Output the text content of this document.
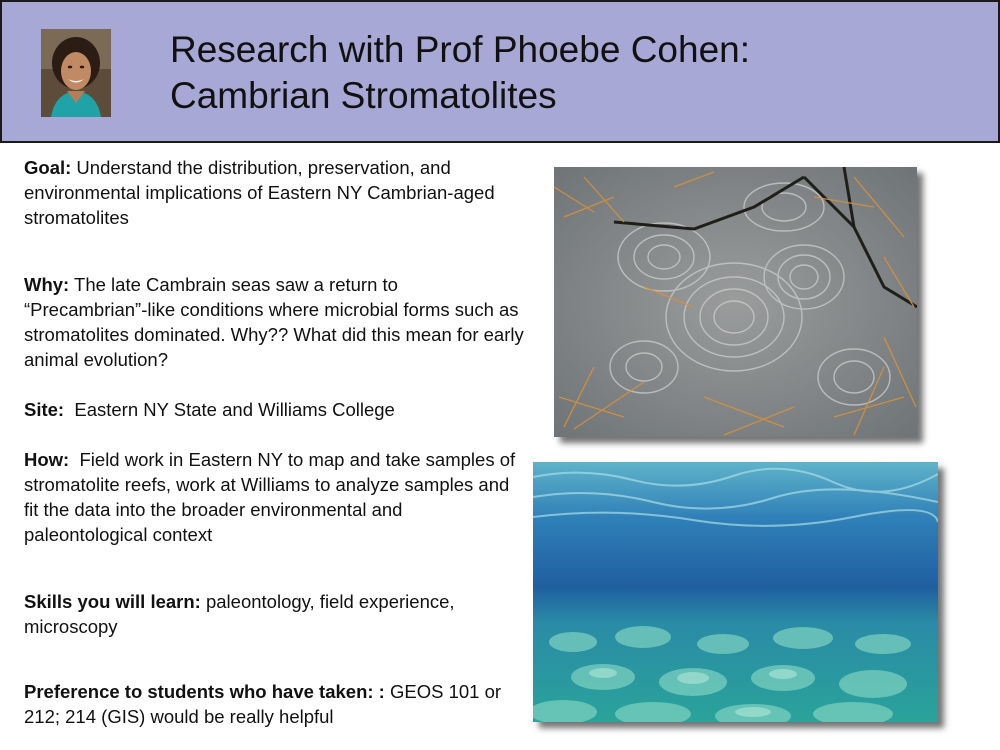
Research with Prof Phoebe Cohen:
Cambrian Stromatolites
Goal: Understand the distribution, preservation, and environmental implications of Eastern NY Cambrian-aged stromatolites
Why: The late Cambrain seas saw a return to “Precambrian”-like conditions where microbial forms such as stromatolites dominated. Why?? What did this mean for early animal evolution?
Site:  Eastern NY State and Williams College
How:  Field work in Eastern NY to map and take samples of stromatolite reefs, work at Williams to analyze samples and fit the data into the broader environmental and paleontological context
Skills you will learn: paleontology, field experience, microscopy
Preference to students who have taken: : GEOS 101 or 212; 214 (GIS) would be really helpful
